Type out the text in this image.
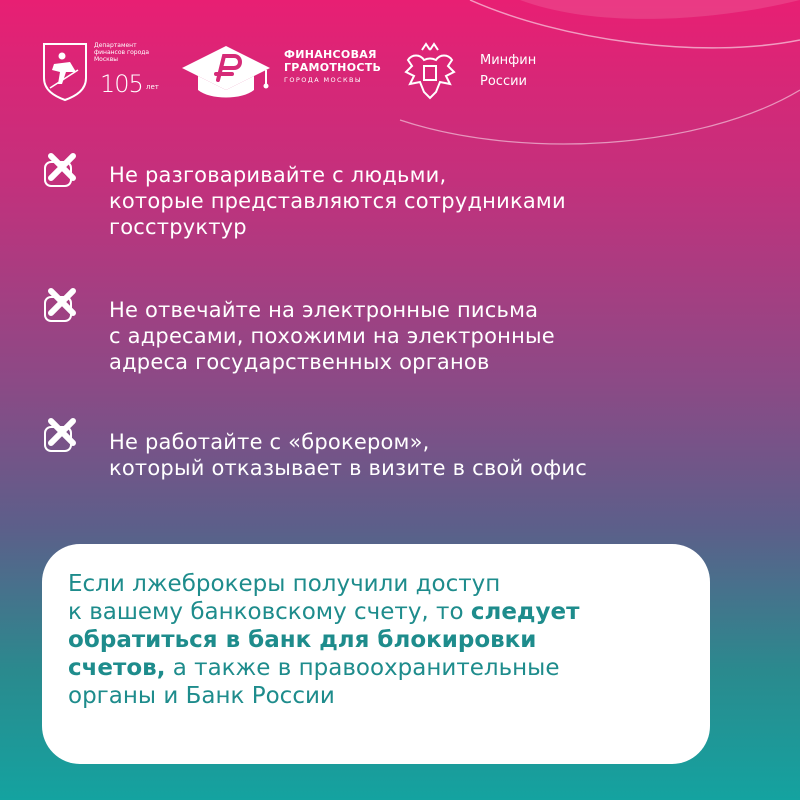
Департамент финансов города Москвы
105 лет
ФИНАНСОВАЯ
ГРАМОТНОСТЬ
ГОРОДА МОСКВЫ
Минфин
России
Не разговаривайте с людьми,
которые представляются сотрудниками
госструктур
Не отвечайте на электронные письма
с адресами, похожими на электронные
адреса государственных органов
Не работайте с «брокером»,
который отказывает в визите в свой офис
Если лжеброкеры получили доступ
к вашему банковскому счету, то следует
обратиться в банк для блокировки
счетов, а также в правоохранительные
органы и Банк России
